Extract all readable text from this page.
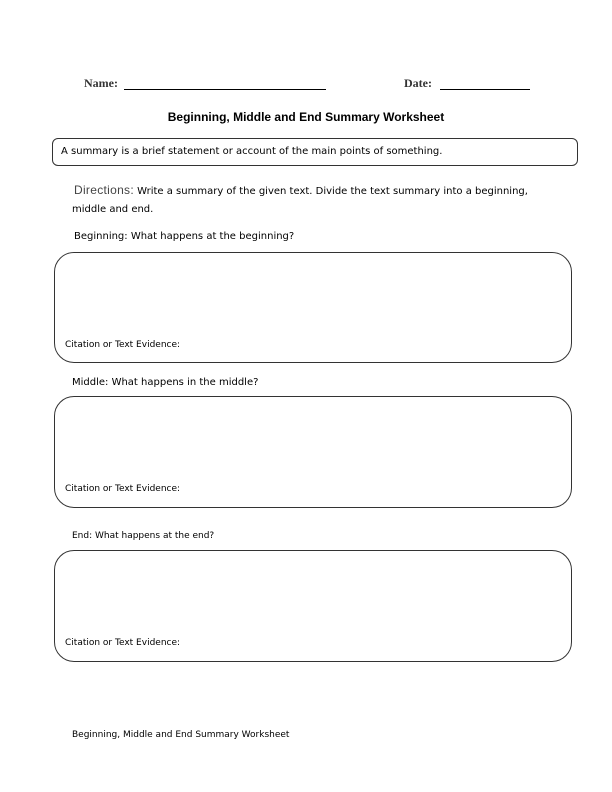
Name:	Date:
Beginning, Middle and End Summary Worksheet
A summary is a brief statement or account of the main points of something.
Directions: Write a summary of the given text. Divide the text summary into a beginning,
middle and end.
Beginning: What happens at the beginning?
Citation or Text Evidence:
Middle: What happens in the middle?
Citation or Text Evidence:
End: What happens at the end?
Citation or Text Evidence:
Beginning, Middle and End Summary Worksheet
